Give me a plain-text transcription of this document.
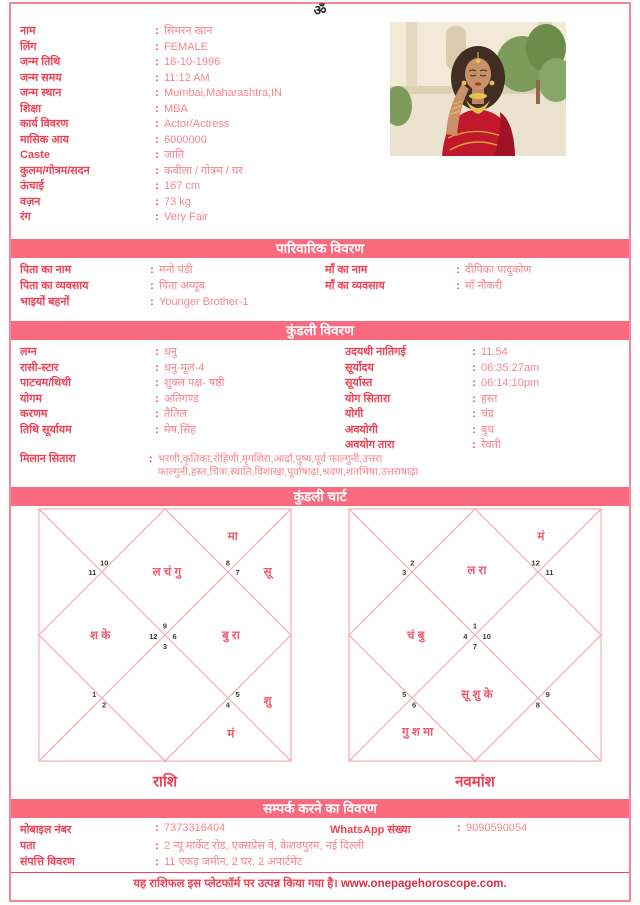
ॐ
नाम	: सिमरन खान
लिंग	: FEMALE
जन्म तिथि	: 18-10-1996
जन्म समय	: 11:12 AM
जन्म स्थान	: Mumbai,Maharashtra,IN
शिक्षा	: MBA
कार्य विवरण	: Actor/Actress
मासिक आय	: 6000000
Caste	: जाति
कुलम/गोत्रम/सदन	: कबीला / गोत्रम / घर
ऊंचाई	: 167 cm
वज़न	: 73 kg
रंग	: Very Fair
पारिवारिक विवरण
पिता का नाम	: मनो पंडी
पिता का व्यवसाय	: पिता अय्यूब
भाइयों बहनों	: Younger Brother-1
माँ का नाम	: दीपिका पादुकोण
माँ का व्यवसाय	: माँ नौकरी
कुंडली विवरण
लग्न	: धनु
रासी-स्टार	: धनु-मूल-4
पाटचम/थिथी	: शुक्ल पक्ष- षष्ठी
योगम	: अतिगण्ड
करणम	: तैतिल
तिथि सूर्यायम	: मेष,सिंह
उदयथी नातिगई	: 11.54
सूर्योदय	: 06:35:27am
सूर्यास्त	: 06:14:10pm
योग सितारा	: हस्त
योगी	: चंद्र
अवयोगी	: बुध
अवयोग तारा	: रेवती
मिलान सितारा	: भरणी,कृतिका,रोहिणी,मृगशिरा,आर्द्रा,पुष्य,पूर्व फाल्गुनी,उत्तरा फाल्गुनी,हस्त,चित्रा,स्वाति,विशाखा,पूर्वाषाढ़ा,श्रवण,शतभिषा,उत्तराषाढ़ा
कुंडली चार्ट
10
11
8
7
9
12 6
3
1
2
5
4
ल चं गु
मा
सू
बु रा
शु
मं
श के
राशि
2
3
12
11
1
4 10
7
5
6
9
8
ल रा
मं
चं बु
सू शु के
गु श मा
नवमांश
सम्पर्क करने का विवरण
मोबाइल नंबर	: 7373316404	WhatsApp संख्या	: 9090590054
पता	: 2 न्यू मार्केट रोड, एक्सप्रेस वे, केशवपुरम, नई दिल्ली
संपत्ति विवरण	: 11 एकड़ जमीन, 2 घर, 2 अपार्टमेंट
यह राशिफल इस प्लेटफॉर्म पर उत्पन्न किया गया है। www.onepagehoroscope.com.
